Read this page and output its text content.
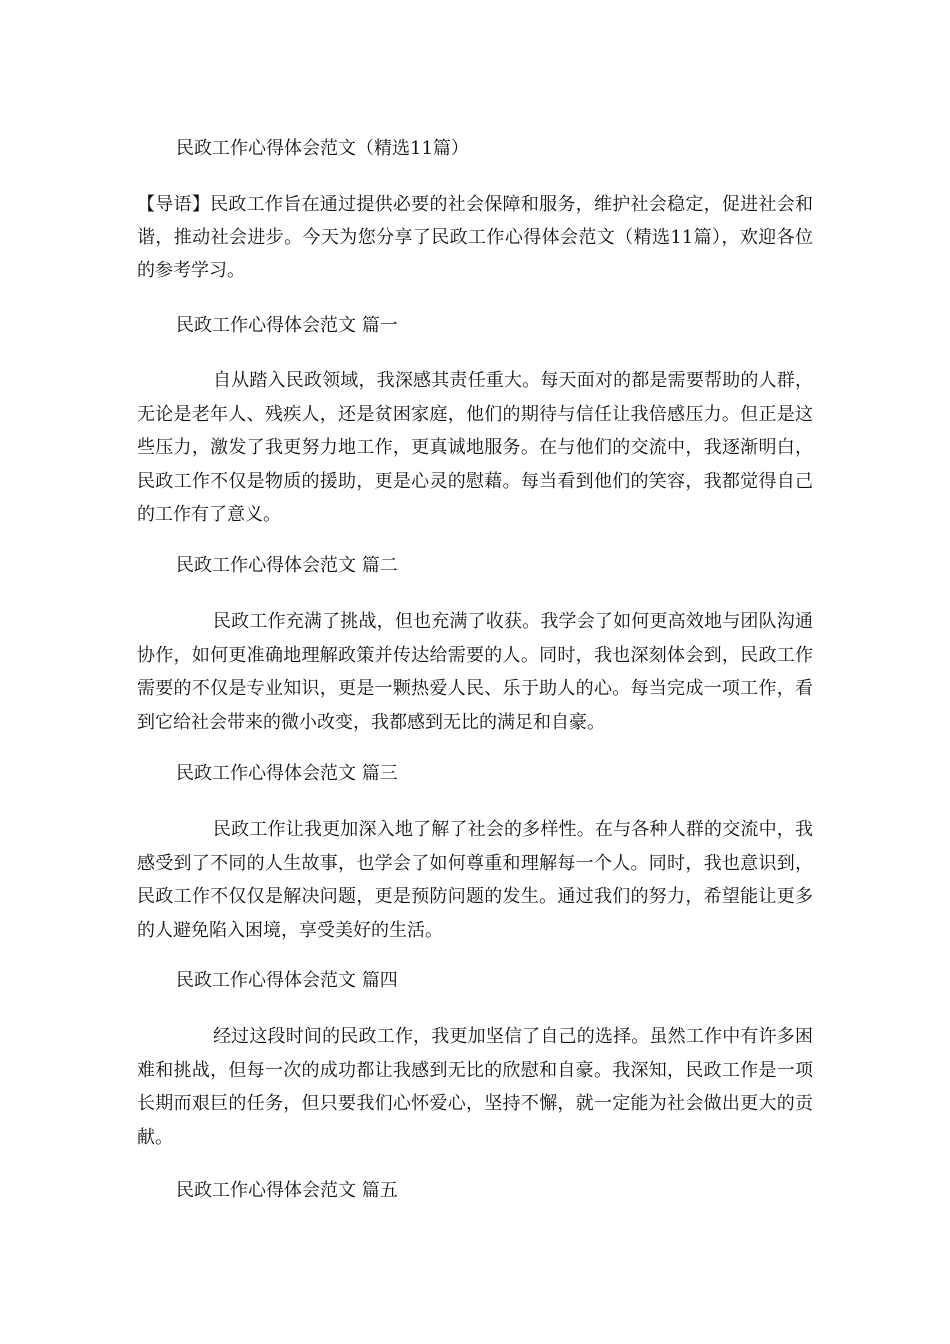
民政工作心得体会范文（精选11篇）
【导语】民政工作旨在通过提供必要的社会保障和服务，维护社会稳定，促进社会和谐，推动社会进步。今天为您分享了民政工作心得体会范文（精选11篇），欢迎各位的参考学习。
民政工作心得体会范文 篇一
自从踏入民政领域，我深感其责任重大。每天面对的都是需要帮助的人群，无论是老年人、残疾人，还是贫困家庭，他们的期待与信任让我倍感压力。但正是这些压力，激发了我更努力地工作，更真诚地服务。在与他们的交流中，我逐渐明白，民政工作不仅是物质的援助，更是心灵的慰藉。每当看到他们的笑容，我都觉得自己的工作有了意义。
民政工作心得体会范文 篇二
民政工作充满了挑战，但也充满了收获。我学会了如何更高效地与团队沟通协作，如何更准确地理解政策并传达给需要的人。同时，我也深刻体会到，民政工作需要的不仅是专业知识，更是一颗热爱人民、乐于助人的心。每当完成一项工作，看到它给社会带来的微小改变，我都感到无比的满足和自豪。
民政工作心得体会范文 篇三
民政工作让我更加深入地了解了社会的多样性。在与各种人群的交流中，我感受到了不同的人生故事，也学会了如何尊重和理解每一个人。同时，我也意识到，民政工作不仅仅是解决问题，更是预防问题的发生。通过我们的努力，希望能让更多的人避免陷入困境，享受美好的生活。
民政工作心得体会范文 篇四
经过这段时间的民政工作，我更加坚信了自己的选择。虽然工作中有许多困难和挑战，但每一次的成功都让我感到无比的欣慰和自豪。我深知，民政工作是一项长期而艰巨的任务，但只要我们心怀爱心，坚持不懈，就一定能为社会做出更大的贡献。
民政工作心得体会范文 篇五
